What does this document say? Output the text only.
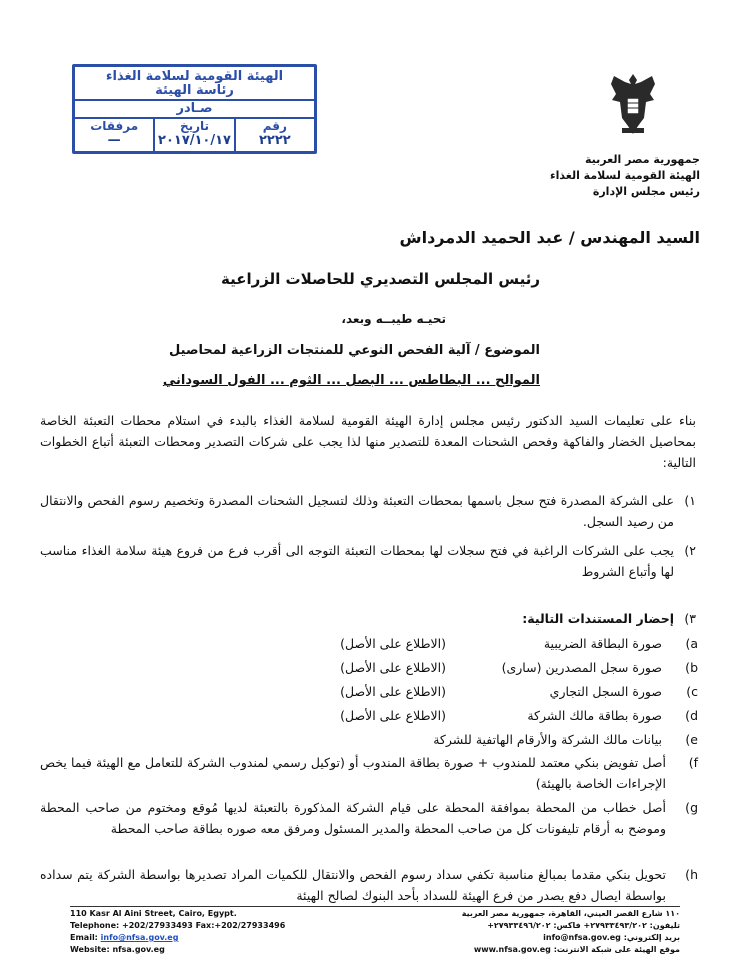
الهيئة القومية لسلامة الغذاء
رئاسة الهيئة
صـادر
رقم
٢٢٢٢
تاريخ
٢٠١٧/١٠/١٧
مرفقات
—
جمهورية مصر العربية
الهيئة القومية لسلامة الغذاء
رئيس مجلس الإدارة
السيد المهندس / عبد الحميد الدمرداش
رئيس المجلس التصديري للحاصلات الزراعية
تحيـه طيبــه وبعد،
الموضوع / آلية الفحص النوعي للمنتجات الزراعية لمحاصيل
الموالح ... البطاطس ... البصل ... الثوم ... الفول السوداني
بناء على تعليمات السيد الدكتور رئيس مجلس إدارة الهيئة القومية لسلامة الغذاء بالبدء في استلام محطات التعبئة الخاصة بمحاصيل الخضار والفاكهة وفحص الشحنات المعدة للتصدير منها لذا يجب على شركات التصدير ومحطات التعبئة أتباع الخطوات التالية:
١)
على الشركة المصدرة فتح سجل باسمها بمحطات التعبئة وذلك لتسجيل الشحنات المصدرة وتخصيم رسوم الفحص والانتقال من رصيد السجل.
٢)
يجب على الشركات الراغبة في فتح سجلات لها بمحطات التعبئة التوجه الى أقرب فرع من فروع هيئة سلامة الغذاء مناسب لها وأتباع الشروط
٣)
إحضار المستندات التالية:
a)
صورة البطاقة الضريبية
(الاطلاع على الأصل)
b)
صورة سجل المصدرين (سارى)
(الاطلاع على الأصل)
c)
صورة السجل التجاري
(الاطلاع على الأصل)
d)
صورة بطاقة مالك الشركة
(الاطلاع على الأصل)
e)
بيانات مالك الشركة والأرقام الهاتفية للشركة
f)
أصل تفويض بنكي معتمد للمندوب + صورة بطاقة المندوب أو (توكيل رسمي لمندوب الشركة للتعامل مع الهيئة فيما يخص الإجراءات الخاصة بالهيئة)
g)
أصل خطاب من المحطة بموافقة المحطة على قيام الشركة المذكورة بالتعبئة لديها مُوقع ومختوم من صاحب المحطة وموضح به أرقام تليفونات كل من صاحب المحطة والمدير المسئول ومرفق معه صوره بطاقة صاحب المحطة
h)
تحويل بنكي مقدما بمبالغ مناسبة تكفي سداد رسوم الفحص والانتقال للكميات المراد تصديرها بواسطة الشركة يتم سداده بواسطة ايصال دفع يصدر من فرع الهيئة للسداد بأحد البنوك لصالح الهيئة
110 Kasr Al Aini Street, Cairo, Egypt.
Telephone: +202/27933493 Fax:+202/27933496
Email: info@nfsa.gov.eg
Website: nfsa.gov.eg
١١٠ شارع القصر العيني، القاهرة، جمهورية مصر العربية
تليفون: ٢٧٩٣٣٤٩٣/٢٠٢+ فاكس: ٢٧٩٣٣٤٩٦/٢٠٢+
بريد إلكتروني: info@nfsa.gov.eg
موقع الهيئة على شبكة الانترنت: www.nfsa.gov.eg
